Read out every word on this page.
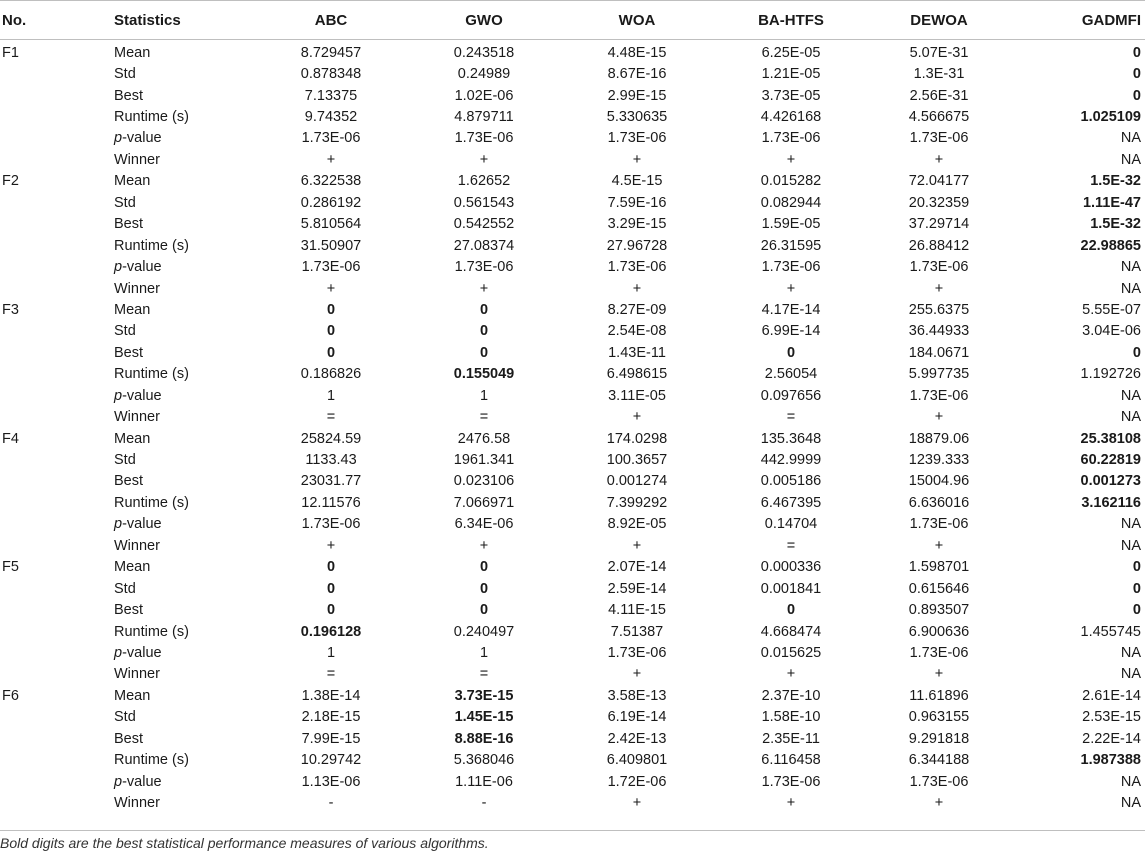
No.	Statistics	ABC	GWO	WOA	BA-HTFS	DEWOA	GADMFI
F1	Mean	8.729457	0.243518	4.48E-15	6.25E-05	5.07E-31	0
	Std	0.878348	0.24989	8.67E-16	1.21E-05	1.3E-31	0
	Best	7.13375	1.02E-06	2.99E-15	3.73E-05	2.56E-31	0
	Runtime (s)	9.74352	4.879711	5.330635	4.426168	4.566675	1.025109
	p-value	1.73E-06	1.73E-06	1.73E-06	1.73E-06	1.73E-06	NA
	Winner	+	+	+	+	+	NA
F2	Mean	6.322538	1.62652	4.5E-15	0.015282	72.04177	1.5E-32
	Std	0.286192	0.561543	7.59E-16	0.082944	20.32359	1.11E-47
	Best	5.810564	0.542552	3.29E-15	1.59E-05	37.29714	1.5E-32
	Runtime (s)	31.50907	27.08374	27.96728	26.31595	26.88412	22.98865
	p-value	1.73E-06	1.73E-06	1.73E-06	1.73E-06	1.73E-06	NA
	Winner	+	+	+	+	+	NA
F3	Mean	0	0	8.27E-09	4.17E-14	255.6375	5.55E-07
	Std	0	0	2.54E-08	6.99E-14	36.44933	3.04E-06
	Best	0	0	1.43E-11	0	184.0671	0
	Runtime (s)	0.186826	0.155049	6.498615	2.56054	5.997735	1.192726
	p-value	1	1	3.11E-05	0.097656	1.73E-06	NA
	Winner	=	=	+	=	+	NA
F4	Mean	25824.59	2476.58	174.0298	135.3648	18879.06	25.38108
	Std	1133.43	1961.341	100.3657	442.9999	1239.333	60.22819
	Best	23031.77	0.023106	0.001274	0.005186	15004.96	0.001273
	Runtime (s)	12.11576	7.066971	7.399292	6.467395	6.636016	3.162116
	p-value	1.73E-06	6.34E-06	8.92E-05	0.14704	1.73E-06	NA
	Winner	+	+	+	=	+	NA
F5	Mean	0	0	2.07E-14	0.000336	1.598701	0
	Std	0	0	2.59E-14	0.001841	0.615646	0
	Best	0	0	4.11E-15	0	0.893507	0
	Runtime (s)	0.196128	0.240497	7.51387	4.668474	6.900636	1.455745
	p-value	1	1	1.73E-06	0.015625	1.73E-06	NA
	Winner	=	=	+	+	+	NA
F6	Mean	1.38E-14	3.73E-15	3.58E-13	2.37E-10	11.61896	2.61E-14
	Std	2.18E-15	1.45E-15	6.19E-14	1.58E-10	0.963155	2.53E-15
	Best	7.99E-15	8.88E-16	2.42E-13	2.35E-11	9.291818	2.22E-14
	Runtime (s)	10.29742	5.368046	6.409801	6.116458	6.344188	1.987388
	p-value	1.13E-06	1.11E-06	1.72E-06	1.73E-06	1.73E-06	NA
	Winner	-	-	+	+	+	NA
Bold digits are the best statistical performance measures of various algorithms.
